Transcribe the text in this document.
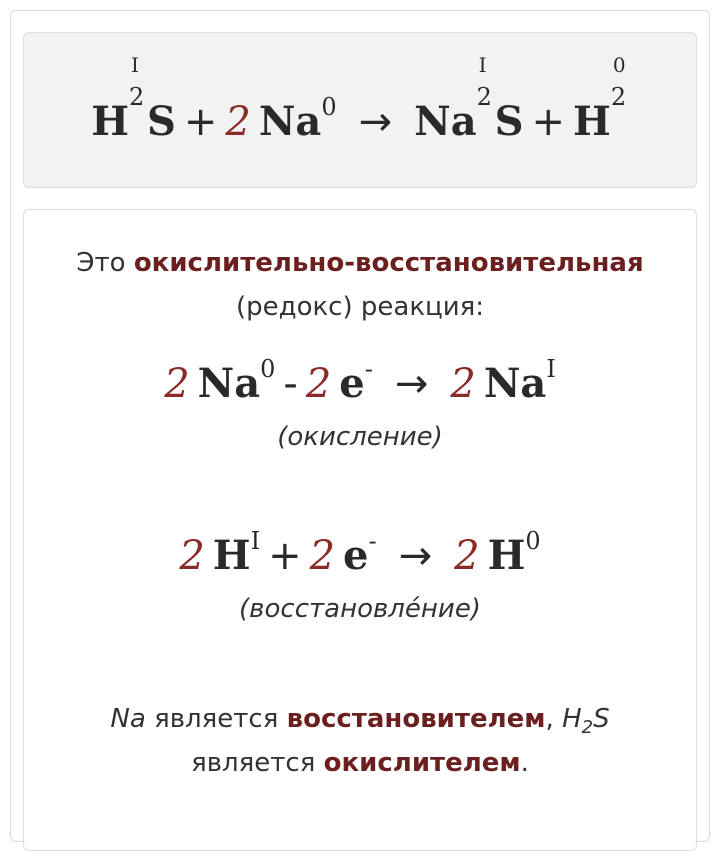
H
I
2
S + 2 $Na^0 \to Na$
I
2
S + H
0
2
Это окислительно-восстановительная
(редокс) реакция:
2 Na$^0$ - 2 e- → 2 $Na^I$
(окисление)
2 $H^I + 2$ e- → 2 $H^0$
(восстановле́ние)
Na является восстановителем, $H_2S$
является окислителем.
